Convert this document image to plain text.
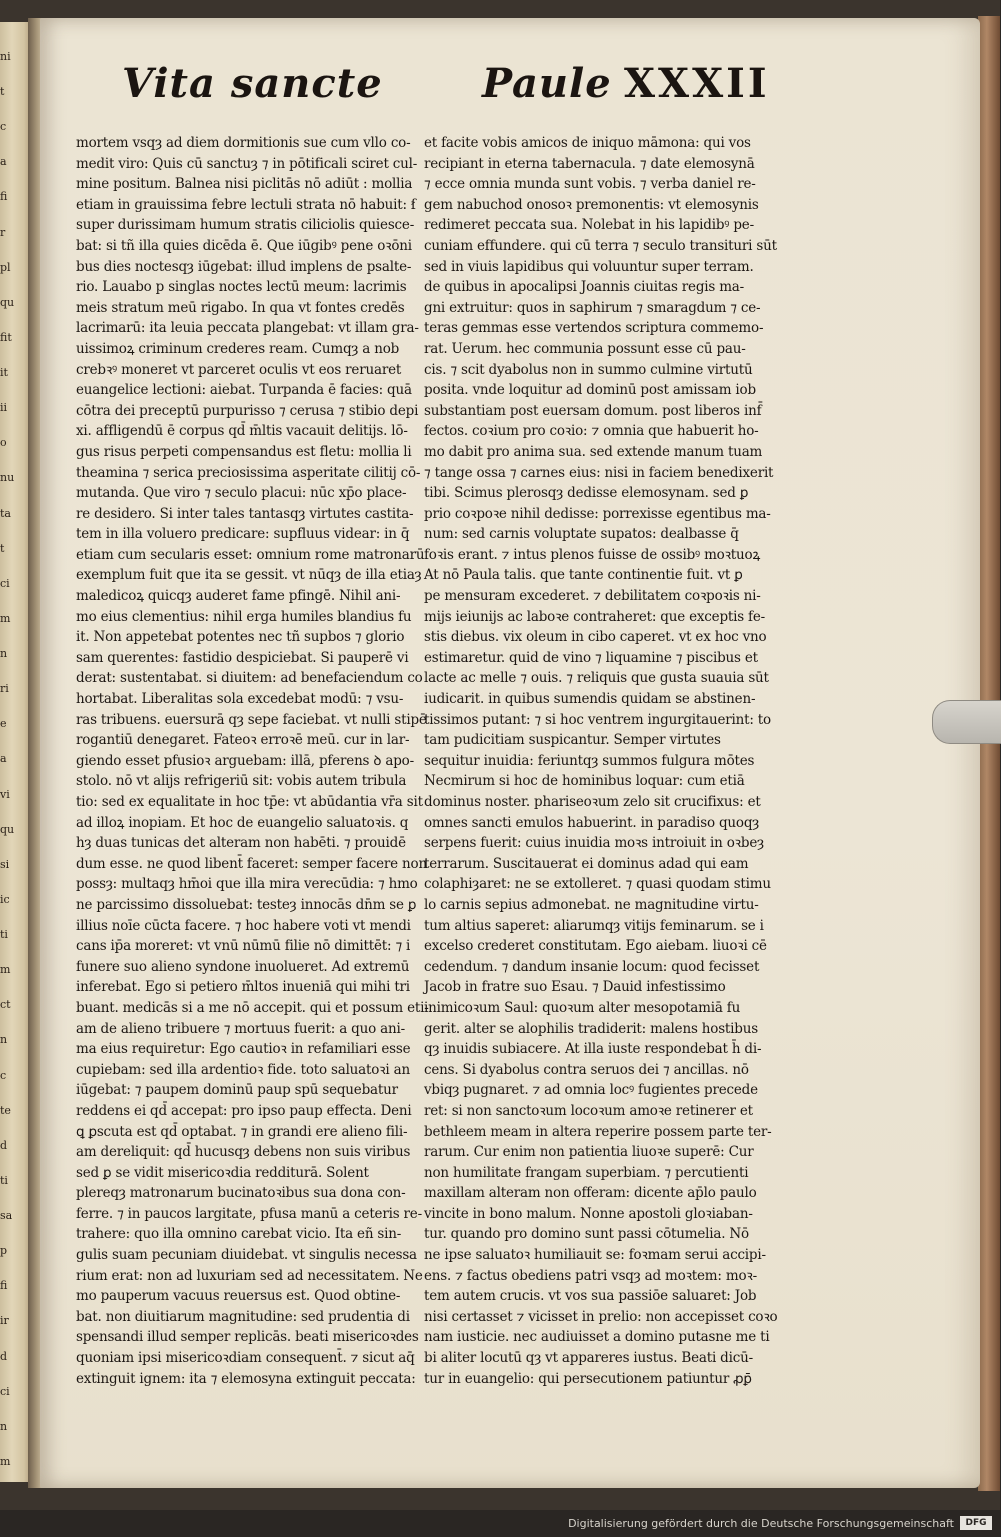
ni
t
c
a
fi
r
pl
qu
fit
it
ii
o
nu
ta
t
ci
m
n
ri
e
a
vi
qu
si
ic
ti
m
ct
n
c
te
d
ti
sa
p
fi
ir
d
ci
n
m
Vita sancte Paule XXXII
mortem vsqȝ ad diem dormitionis sue cum vllo co-
medit viro: Quis cū sanctuȝ ⁊ in pōtificali sciret cul-
mine positum. Balnea nisi piclitās nō adiūt : mollia
etiam in grauissima febre lectuli strata nō habuit: ẜ
super durissimam humum stratis ciliciolis quiesce-
bat: si tñ illa quies dicēda ē. Que iūgibꝰ pene oꝛōni
bus dies noctesqȝ iūgebat: illud implens de psalte-
rio. Lauabo p singlas noctes lectū meum: lacrimis
meis stratum meū rigabo. In qua vt fontes credēs
lacrimarū: ita leuia peccata plangebat: vt illam gra-
uissimoꝝ criminum crederes ream. Cumqȝ a nob
crebꝛꝰ moneret vt parceret oculis vt eos reruaret
euangelice lectioni: aiebat. Turpanda ē facies: quā
cōtra dei preceptū purpurisso ⁊ cerusa ⁊ stibio depi
xi. affligendū ē corpus qd̄ m̄ltis vacauit delitijs. lō-
gus risus perpeti compensandus est fletu: mollia li
theamina ⁊ serica preciosissima asperitate cilitij cō-
mutanda. Que viro ⁊ seculo placui: nūc xp̄o place-
re desidero. Si inter tales tantasqȝ virtutes castita-
tem in illa voluero predicare: supfluus videar: in q̄
etiam cum secularis esset: omnium rome matronarū
exemplum fuit que ita se gessit. vt nūqȝ de illa etiaȝ
maledicoꝝ quicqȝ auderet fame pfingē. Nihil ani-
mo eius clementius: nihil erga humiles blandius fu
it. Non appetebat potentes nec tñ supbos ⁊ glorio
sam querentes: fastidio despiciebat. Si pauperē vi
derat: sustentabat. si diuitem: ad benefaciendum co
hortabat. Liberalitas sola excedebat modū: ⁊ vsu-
ras tribuens. euersurā qȝ sepe faciebat. vt nulli stipē
rogantiū denegaret. Fateoꝛ erroꝛē meū. cur in lar-
giendo esset pfusioꝛ arguebam: illā, pferens ꝺ apo-
stolo. nō vt alijs refrigeriū sit: vobis autem tribula
tio: sed ex equalitate in hoc tp̄e: vt abūdantia vr̄a sit
ad illoꝝ inopiam. Et hoc de euangelio saluatoꝛis. q
hȝ duas tunicas det alteram non habēti. ⁊ prouidē
dum esse. ne quod libent̄ faceret: semper facere non
possȝ: multaqȝ hm̄oi que illa mira verecūdia: ⁊ hmo
ne parcissimo dissoluebat: testeȝ innocās dn̄m se ꝑ
illius noīe cūcta facere. ⁊ hoc habere voti vt mendi
cans ip̄a moreret: vt vnū nūmū filie nō dimittēt: ⁊ i
funere suo alieno syndone inuolueret. Ad extremū
inferebat. Ego si petiero m̄ltos inueniā qui mihi tri
buant. medicās si a me nō accepit. qui et possum eti-
am de alieno tribuere ⁊ mortuus fuerit: a quo ani-
ma eius requiretur: Ego cautioꝛ in refamiliari esse
cupiebam: sed illa ardentioꝛ fide. toto saluatoꝛi an
iūgebat: ⁊ paupem dominū paup spū sequebatur
reddens ei qd̄ accepat: pro ipso paup effecta. Deni
ꝗ ꝑscuta est qd̄ optabat. ⁊ in grandi ere alieno fili-
am dereliquit: qd̄ hucusqȝ debens non suis viribus
sed ꝑ se vidit misericoꝛdia redditurā. Solent
plereqȝ matronarum bucinatoꝛibus sua dona con-
ferre. ⁊ in paucos largitate, pfusa manū a ceteris re-
trahere: quo illa omnino carebat vicio. Ita eñ sin-
gulis suam pecuniam diuidebat. vt singulis necessa
rium erat: non ad luxuriam sed ad necessitatem. Ne
mo pauperum vacuus reuersus est. Quod obtine-
bat. non diuitiarum magnitudine: sed prudentia di
spensandi illud semper replicās. beati misericoꝛdes
quoniam ipsi misericoꝛdiam consequent̄. ⁊ sicut aq̄
extinguit ignem: ita ⁊ elemosyna extinguit peccata:
et facite vobis amicos de iniquo māmona: qui vos
recipiant in eterna tabernacula. ⁊ date elemosynā
⁊ ecce omnia munda sunt vobis. ⁊ verba daniel re-
gem nabuchod onosoꝛ premonentis: vt elemosynis
redimeret peccata sua. Nolebat in his lapidibꝰ pe-
cuniam effundere. qui cū terra ⁊ seculo transituri sūt
sed in viuis lapidibus qui voluuntur super terram.
de quibus in apocalipsi Joannis ciuitas regis ma-
gni extruitur: quos in saphirum ⁊ smaragdum ⁊ ce-
teras gemmas esse vertendos scriptura commemo-
rat. Uerum. hec communia possunt esse cū pau-
cis. ⁊ scit dyabolus non in summo culmine virtutū
posita. vnde loquitur ad dominū post amissam iob
substantiam post euersam domum. post liberos inf̄
fectos. coꝛium pro coꝛio: ⁊ omnia que habuerit ho-
mo dabit pro anima sua. sed extende manum tuam
⁊ tange ossa ⁊ carnes eius: nisi in faciem benedixerit
tibi. Scimus plerosqȝ dedisse elemosynam. sed ꝑ
prio coꝛpoꝛe nihil dedisse: porrexisse egentibus ma-
num: sed carnis voluptate supatos: dealbasse q̄
foꝛis erant. ⁊ intus plenos fuisse de ossibꝰ moꝛtuoꝝ
At nō Paula talis. que tante continentie fuit. vt ꝑ
pe mensuram excederet. ⁊ debilitatem coꝛpoꝛis ni-
mijs ieiunijs ac laboꝛe contraheret: que exceptis fe-
stis diebus. vix oleum in cibo caperet. vt ex hoc vno
estimaretur. quid de vino ⁊ liquamine ⁊ piscibus et
lacte ac melle ⁊ ouis. ⁊ reliquis que gusta suauia sūt
iudicarit. in quibus sumendis quidam se abstinen-
tissimos putant: ⁊ si hoc ventrem ingurgitauerint: to
tam pudicitiam suspicantur. Semper virtutes
sequitur inuidia: feriuntqȝ summos fulgura mōtes
Necmirum si hoc de hominibus loquar: cum etiā
dominus noster. phariseoꝛum zelo sit crucifixus: et
omnes sancti emulos habuerint. in paradiso quoqȝ
serpens fuerit: cuius inuidia moꝛs introiuit in oꝛbeȝ
terrarum. Suscitauerat ei dominus adad qui eam
colaphiȝaret: ne se extolleret. ⁊ quasi quodam stimu
lo carnis sepius admonebat. ne magnitudine virtu-
tum altius saperet: aliarumqȝ vitijs feminarum. se i
excelso crederet constitutam. Ego aiebam. liuoꝛi cē
cedendum. ⁊ dandum insanie locum: quod fecisset
Jacob in fratre suo Esau. ⁊ Dauid infestissimo
inimicoꝛum Saul: quoꝛum alter mesopotamiā fu
gerit. alter se alophilis tradiderit: malens hostibus
qȝ inuidis subiacere. At illa iuste respondebat h̄ di-
cens. Si dyabolus contra seruos dei ⁊ ancillas. nō
vbiqȝ pugnaret. ⁊ ad omnia locꝰ fugientes precede
ret: si non sanctoꝛum locoꝛum amoꝛe retinerer et
bethleem meam in altera reperire possem parte ter-
rarum. Cur enim non patientia liuoꝛe superē: Cur
non humilitate frangam superbiam. ⁊ percutienti
maxillam alteram non offeram: dicente ap̄lo paulo
vincite in bono malum. Nonne apostoli gloꝛiaban-
tur. quando pro domino sunt passi cōtumelia. Nō
ne ipse saluatoꝛ humiliauit se: foꝛmam serui accipi-
ens. ⁊ factus obediens patri vsqȝ ad moꝛtem: moꝛ-
tem autem crucis. vt vos sua passiōe saluaret: Job
nisi certasset ⁊ vicisset in prelio: non accepisset coꝛo
nam iusticie. nec audiuisset a domino putasne me ti
bi aliter locutū qȝ vt appareres iustus. Beati dicū-
tur in euangelio: qui persecutionem patiuntur ꝓꝑ̄
Digitalisierung gefördert durch die Deutsche Forschungsgemeinschaft	DFG
